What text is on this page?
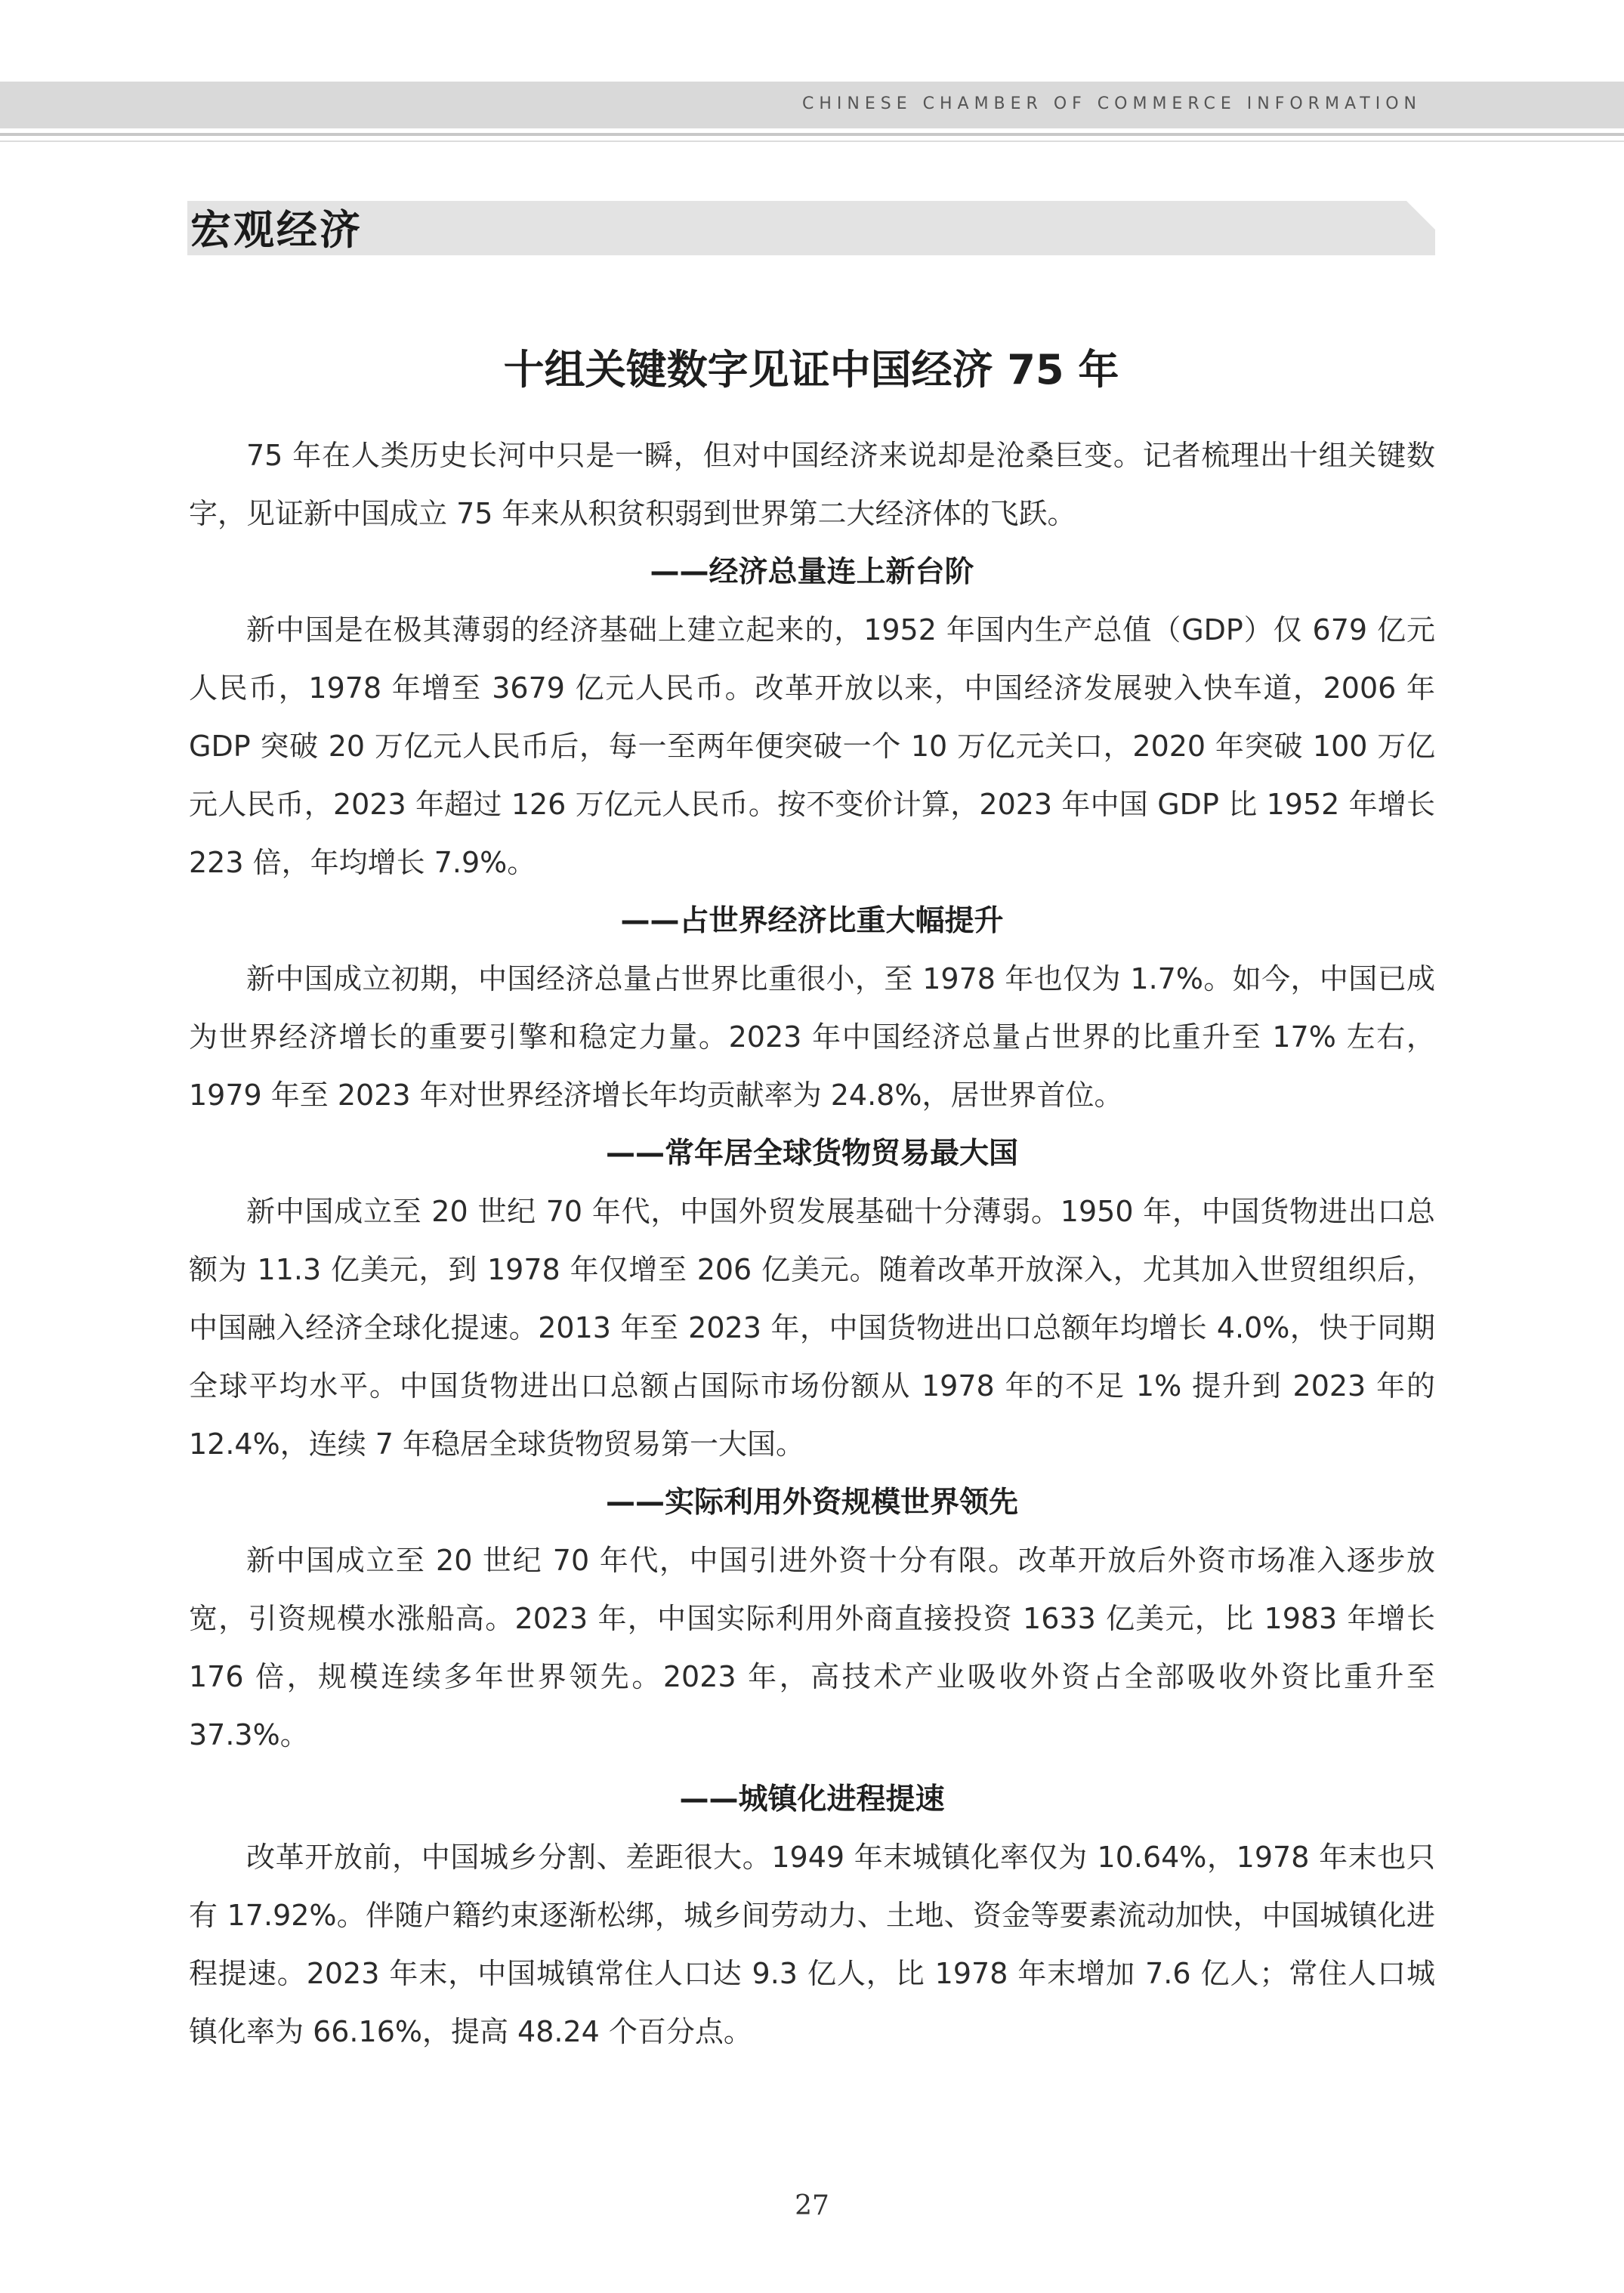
CHINESE CHAMBER OF COMMERCE INFORMATION
宏观经济
十组关键数字见证中国经济 75 年

75 年在人类历史长河中只是一瞬，但对中国经济来说却是沧桑巨变。记者梳理出十组关键数字，见证新中国成立 75 年来从积贫积弱到世界第二大经济体的飞跃。

——经济总量连上新台阶

新中国是在极其薄弱的经济基础上建立起来的，1952 年国内生产总值（GDP）仅 679 亿元人民币，1978 年增至 3679 亿元人民币。改革开放以来，中国经济发展驶入快车道，2006 年 GDP 突破 20 万亿元人民币后，每一至两年便突破一个 10 万亿元关口，2020 年突破 100 万亿元人民币，2023 年超过 126 万亿元人民币。按不变价计算，2023 年中国 GDP 比 1952 年增长 223 倍，年均增长 7.9%。

——占世界经济比重大幅提升

新中国成立初期，中国经济总量占世界比重很小，至 1978 年也仅为 1.7%。如今，中国已成为世界经济增长的重要引擎和稳定力量。2023 年中国经济总量占世界的比重升至 17% 左右，1979 年至 2023 年对世界经济增长年均贡献率为 24.8%，居世界首位。

——常年居全球货物贸易最大国

新中国成立至 20 世纪 70 年代，中国外贸发展基础十分薄弱。1950 年，中国货物进出口总额为 11.3 亿美元，到 1978 年仅增至 206 亿美元。随着改革开放深入，尤其加入世贸组织后，中国融入经济全球化提速。2013 年至 2023 年，中国货物进出口总额年均增长 4.0%，快于同期全球平均水平。中国货物进出口总额占国际市场份额从 1978 年的不足 1% 提升到 2023 年的 12.4%，连续 7 年稳居全球货物贸易第一大国。

——实际利用外资规模世界领先

新中国成立至 20 世纪 70 年代，中国引进外资十分有限。改革开放后外资市场准入逐步放宽，引资规模水涨船高。2023 年，中国实际利用外商直接投资 1633 亿美元，比 1983 年增长 176 倍，规模连续多年世界领先。2023 年，高技术产业吸收外资占全部吸收外资比重升至 37.3%。

——城镇化进程提速

改革开放前，中国城乡分割、差距很大。1949 年末城镇化率仅为 10.64%，1978 年末也只有 17.92%。伴随户籍约束逐渐松绑，城乡间劳动力、土地、资金等要素流动加快，中国城镇化进程提速。2023 年末，中国城镇常住人口达 9.3 亿人，比 1978 年末增加 7.6 亿人；常住人口城镇化率为 66.16%，提高 48.24 个百分点。

27
